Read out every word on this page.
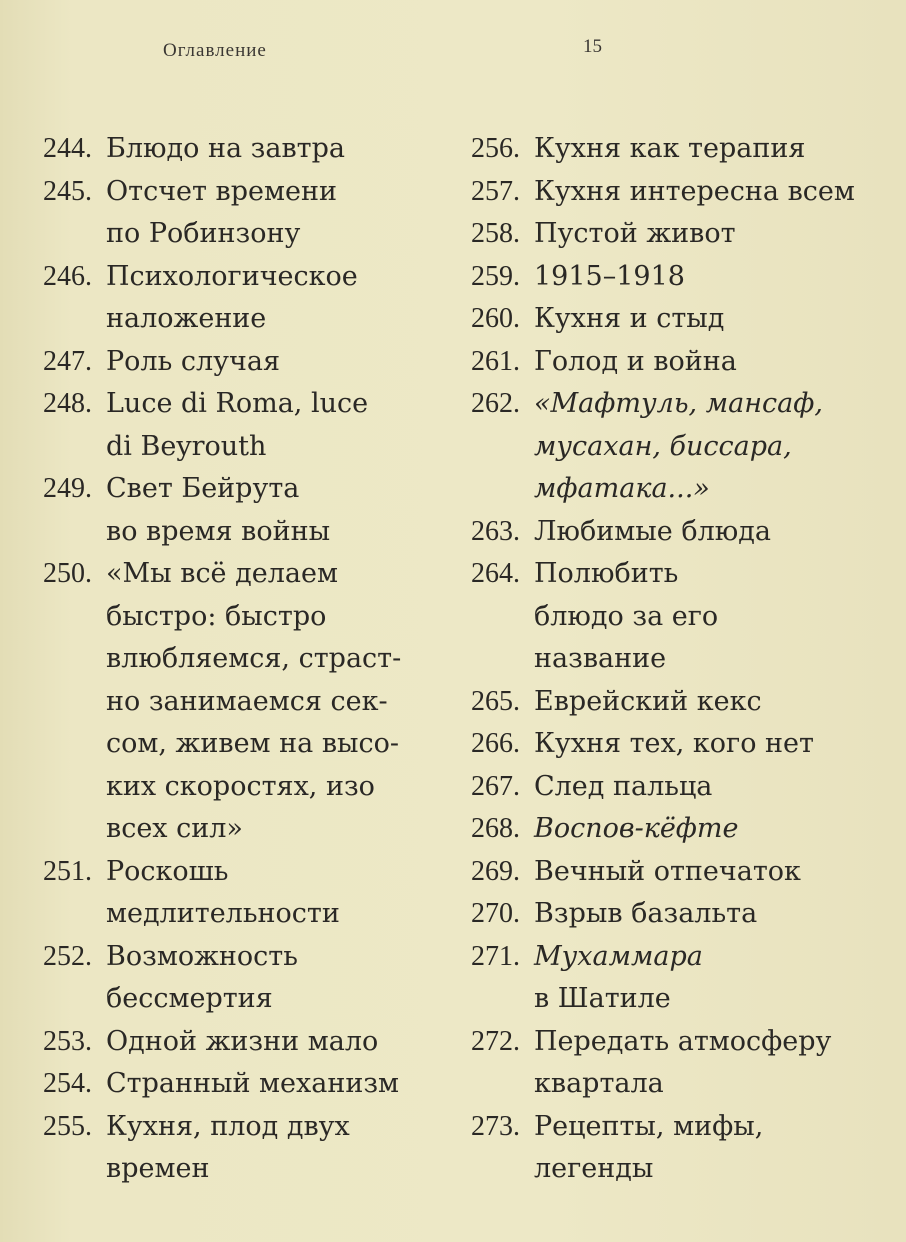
Оглавление	15
244. Блюдо на завтра
245. Отсчет времени
по Робинзону
246. Психологическое
наложение
247. Роль случая
248. Luce di Roma, luce
di Beyrouth
249. Свет Бейрута
во время войны
250. «Мы всё делаем
быстро: быстро
влюбляемся, страст-
но занимаемся сек-
сом, живем на высо-
ких скоростях, изо
всех сил»
251. Роскошь
медлительности
252. Возможность
бессмертия
253. Одной жизни мало
254. Странный механизм
255. Кухня, плод двух
времен
256. Кухня как терапия
257. Кухня интересна всем
258. Пустой живот
259. 1915–1918
260. Кухня и стыд
261. Голод и война
262. «Мафтуль, мансаф,
мусахан, биссара,
мфатака...»
263. Любимые блюда
264. Полюбить
блюдо за его
название
265. Еврейский кекс
266. Кухня тех, кого нет
267. След пальца
268. Воспов-кёфте
269. Вечный отпечаток
270. Взрыв базальта
271. Мухаммара
в Шатиле
272. Передать атмосферу
квартала
273. Рецепты, мифы,
легенды
